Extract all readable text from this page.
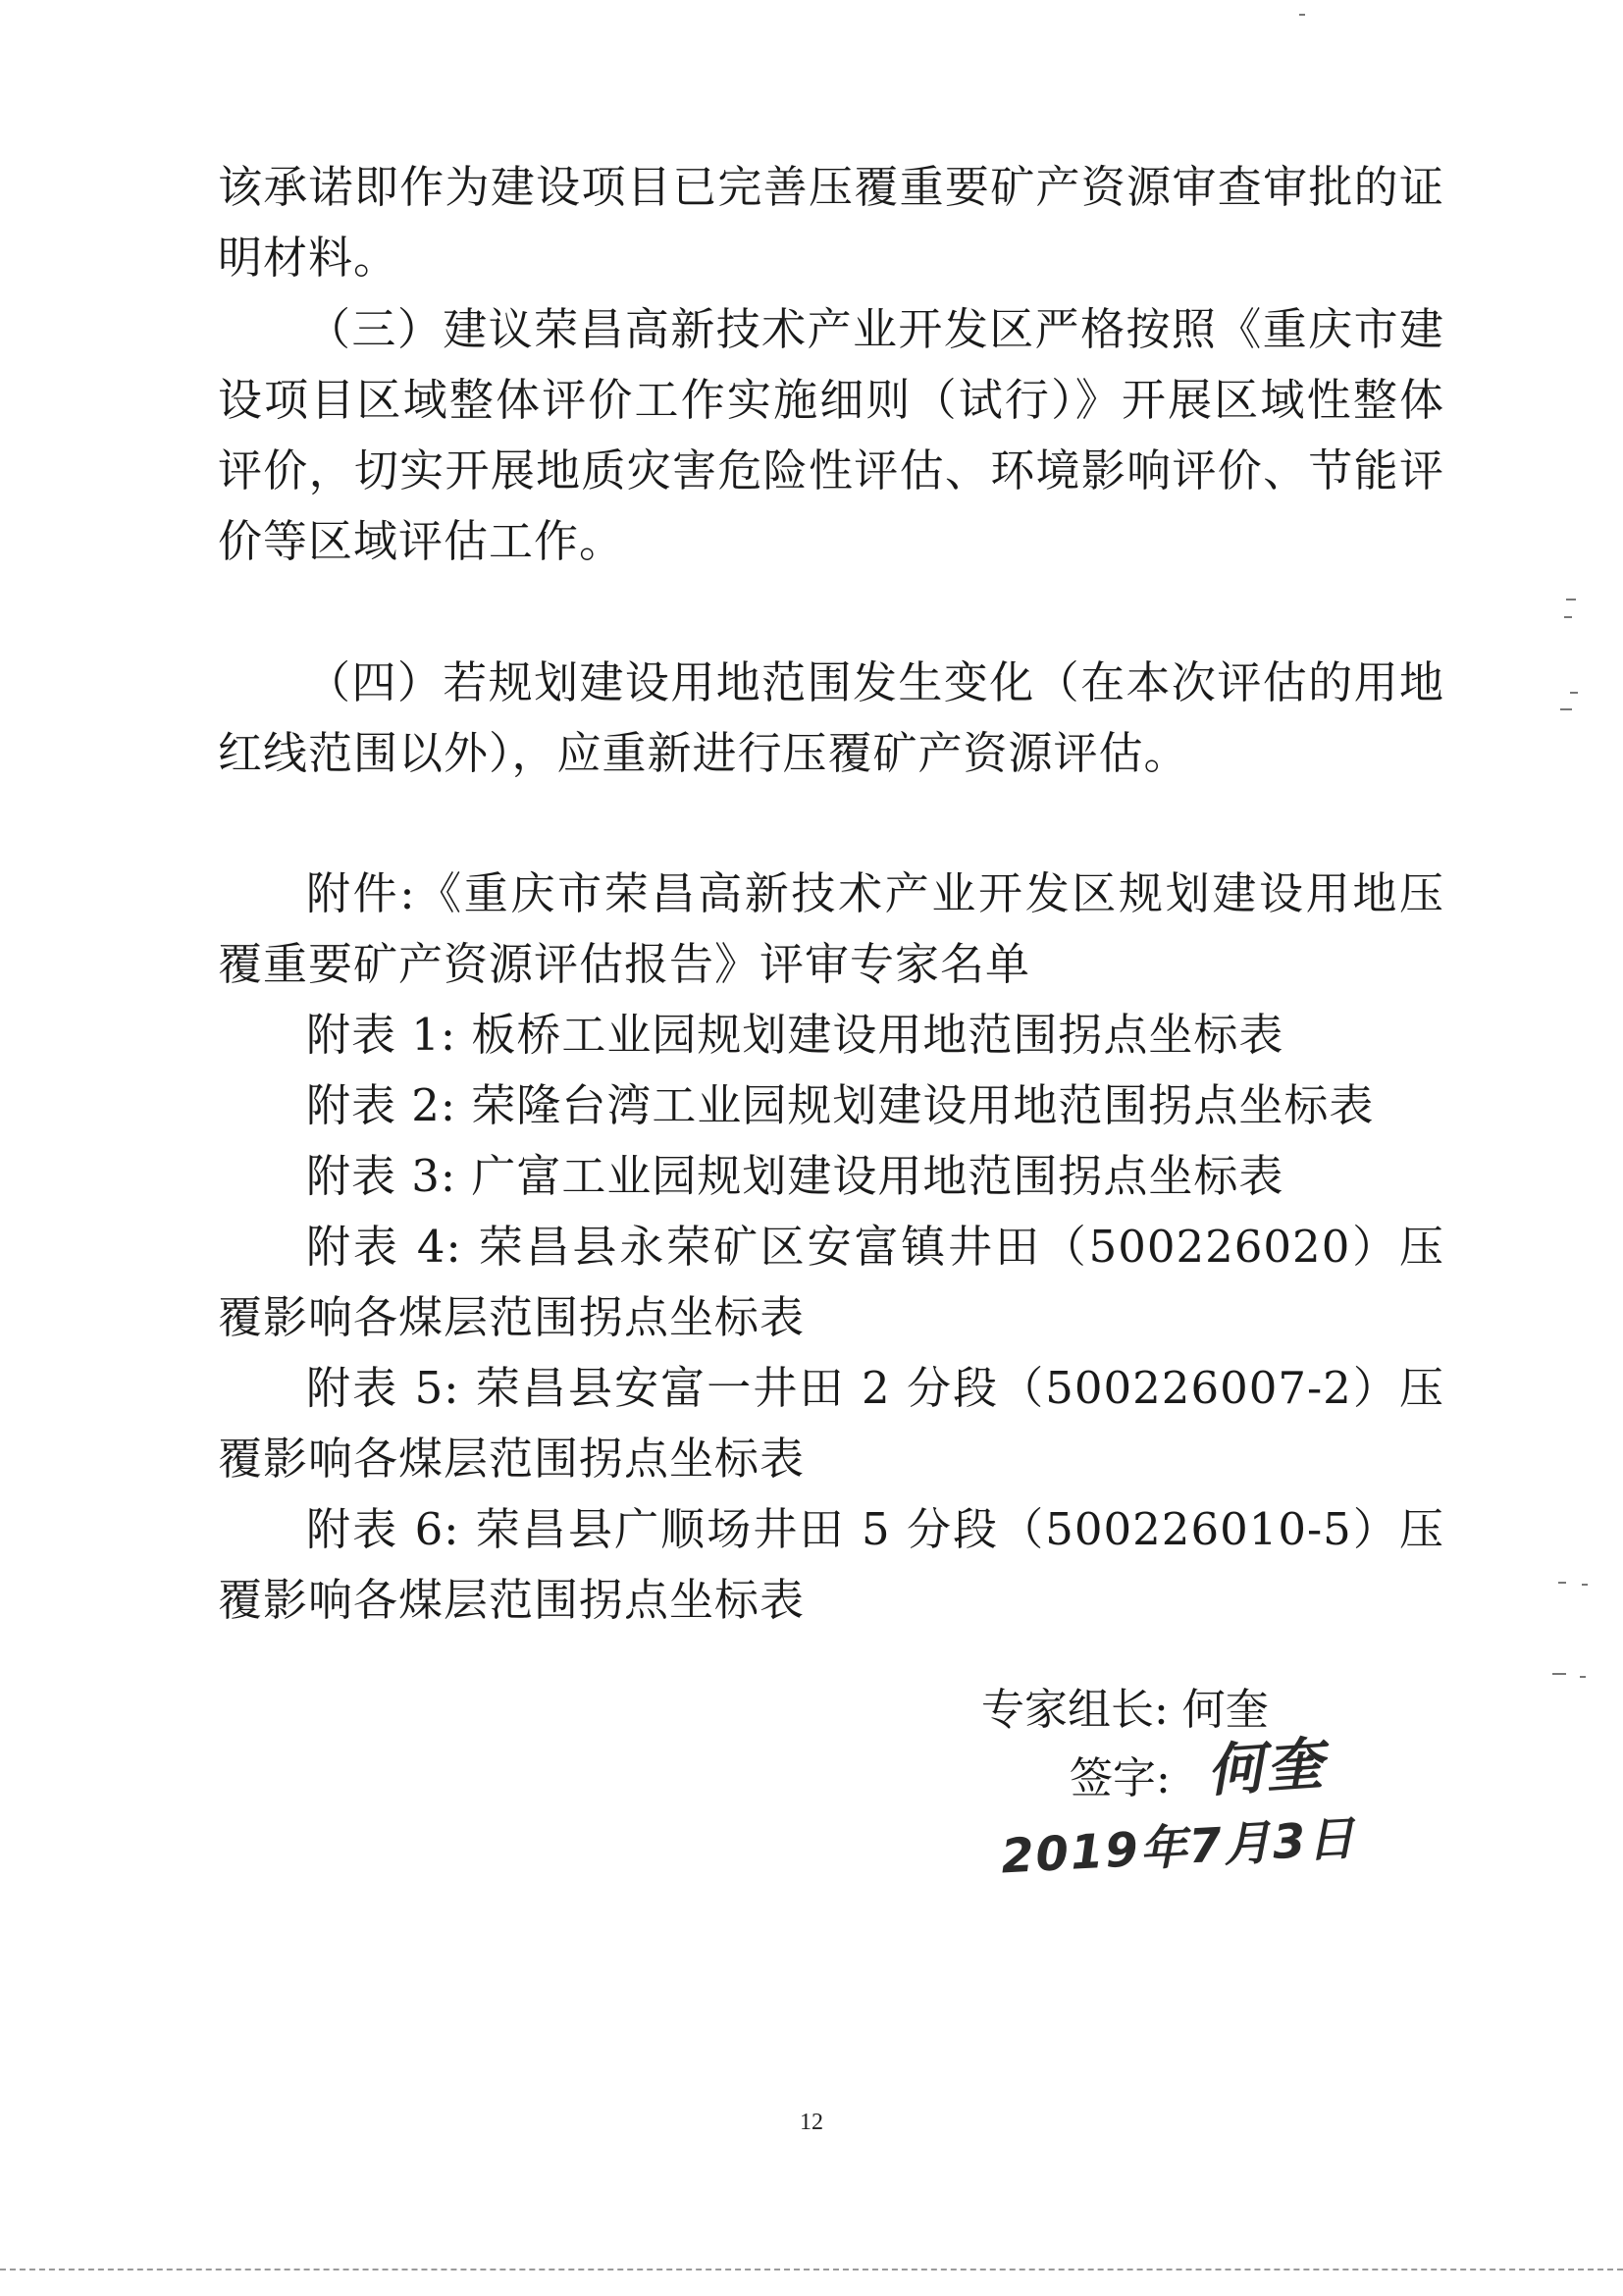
该承诺即作为建设项目已完善压覆重要矿产资源审查审批的证明材料。

（三）建议荣昌高新技术产业开发区严格按照《重庆市建设项目区域整体评价工作实施细则（试行）》开展区域性整体评价，切实开展地质灾害危险性评估、环境影响评价、节能评价等区域评估工作。

（四）若规划建设用地范围发生变化（在本次评估的用地红线范围以外），应重新进行压覆矿产资源评估。

附件:《重庆市荣昌高新技术产业开发区规划建设用地压覆重要矿产资源评估报告》评审专家名单

附表 1: 板桥工业园规划建设用地范围拐点坐标表

附表 2: 荣隆台湾工业园规划建设用地范围拐点坐标表

附表 3: 广富工业园规划建设用地范围拐点坐标表

附表 4: 荣昌县永荣矿区安富镇井田（500226020）压覆影响各煤层范围拐点坐标表

附表 5: 荣昌县安富一井田 2 分段（500226007-2）压覆影响各煤层范围拐点坐标表

附表 6: 荣昌县广顺场井田 5 分段（500226010-5）压覆影响各煤层范围拐点坐标表

专家组长: 何奎
签字: 何奎
2019年7月3日
12
